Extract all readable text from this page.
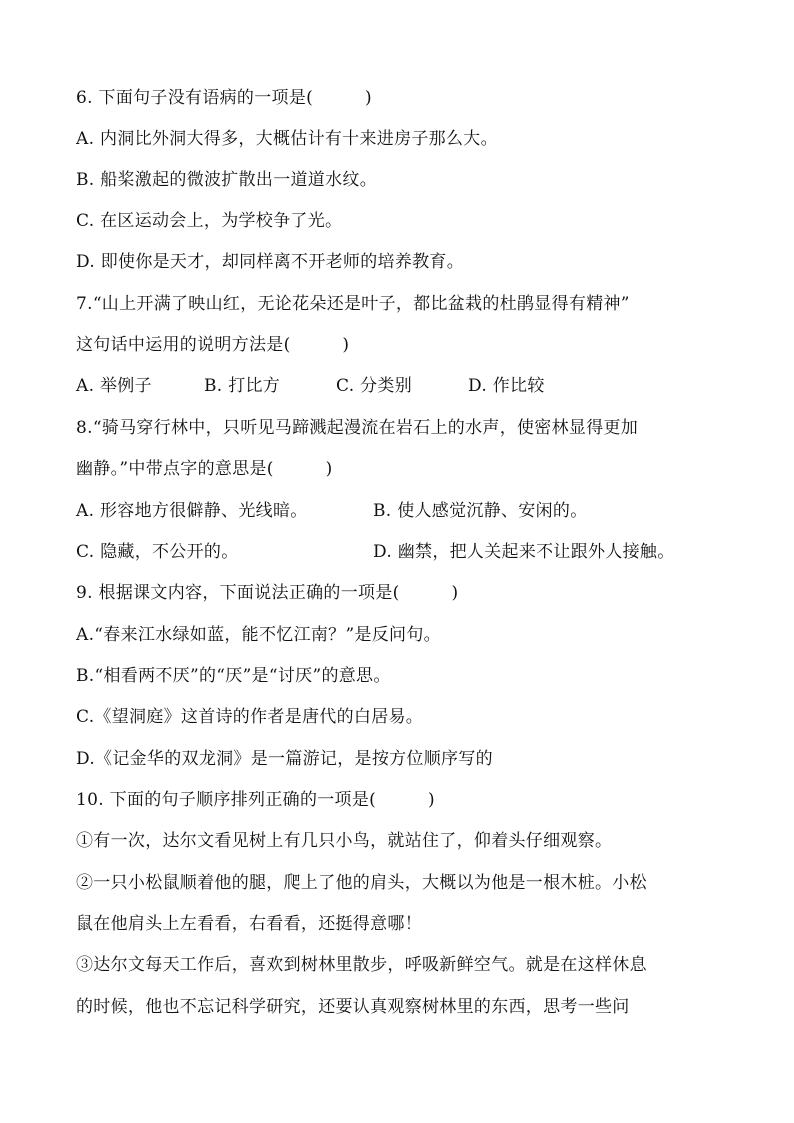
6. 下面句子没有语病的一项是(　　　)
A. 内洞比外洞大得多，大概估计有十来进房子那么大。
B. 船桨激起的微波扩散出一道道水纹。
C. 在区运动会上，为学校争了光。
D. 即使你是天才，却同样离不开老师的培养教育。
7.“山上开满了映山红，无论花朵还是叶子，都比盆栽的杜鹃显得有精神”
这句话中运用的说明方法是(　　　)
A. 举例子	B. 打比方	C. 分类别	D. 作比较
8.“骑马穿行林中，只听见马蹄溅起漫流在岩石上的水声，使密林显得更加
幽静。”中带点字的意思是(　　　)
A. 形容地方很僻静、光线暗。	B. 使人感觉沉静、安闲的。
C. 隐藏，不公开的。	D. 幽禁，把人关起来不让跟外人接触。
9. 根据课文内容，下面说法正确的一项是(　　　)
A.“春来江水绿如蓝，能不忆江南？”是反问句。
B.“相看两不厌”的“厌”是“讨厌”的意思。
C.《望洞庭》这首诗的作者是唐代的白居易。
D.《记金华的双龙洞》是一篇游记，是按方位顺序写的
10. 下面的句子顺序排列正确的一项是(　　　)
①有一次，达尔文看见树上有几只小鸟，就站住了，仰着头仔细观察。
②一只小松鼠顺着他的腿，爬上了他的肩头，大概以为他是一根木桩。小松
鼠在他肩头上左看看，右看看，还挺得意哪！
③达尔文每天工作后，喜欢到树林里散步，呼吸新鲜空气。就是在这样休息
的时候，他也不忘记科学研究，还要认真观察树林里的东西，思考一些问
